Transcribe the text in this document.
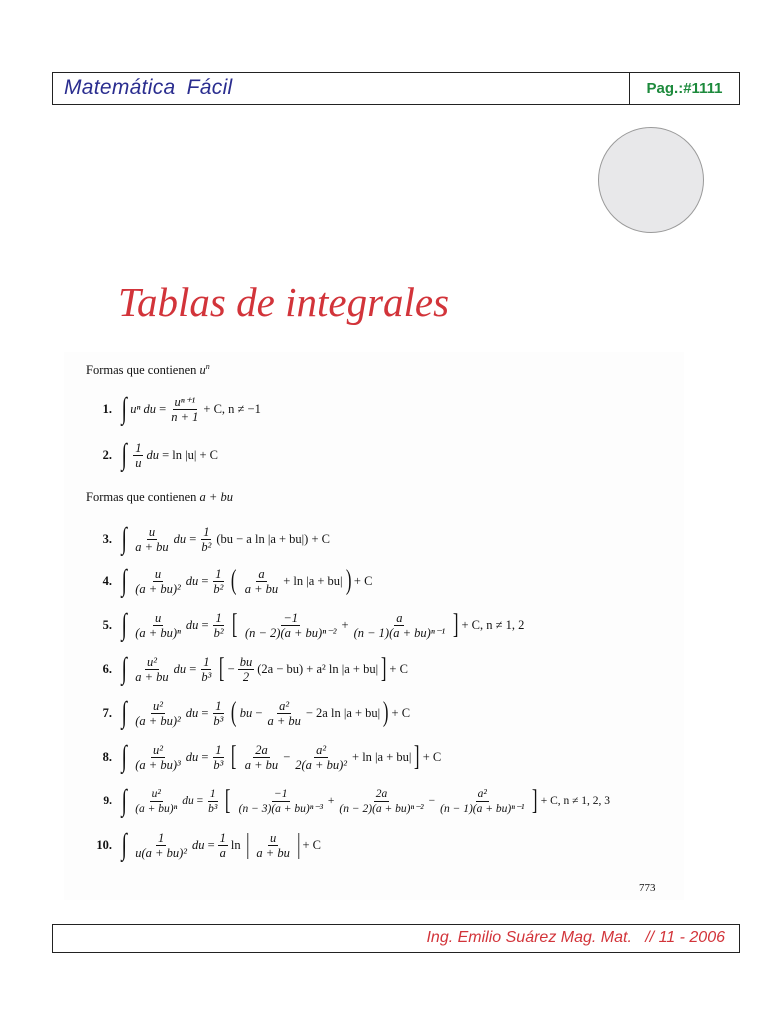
Matemática Fácil	Pag.:#1111
Tablas de integrales
Formas que contienen $u^n$
1. ∫ uⁿ du = $\frac{\text{uⁿ⁺¹}}{n + 1} + C$, n ≠ −1
2. ∫ $\frac{1}{u}$ du
= ln |u| + C
Formas que contienen a + bu
3. ∫ $\frac{u}{a + bu}$ du = $\frac{1}{\text{b²}} (bu - a$ ln |a + bu|) + C
4. ∫ $\frac{u}{\text{(a + bu)²}}$ du = $\frac{1}{\text{b²}}$ ( $\frac{a}{a + bu} + \ln |a + bu|$ ) + C
5. ∫ $\frac{u}{\text{(a + bu)ⁿ}}$ du = $\frac{1}{\text{b²}}$ [ $\frac{-1}{\text{(n − 2)(a + bu)ⁿ⁻²}} + \frac{a}{\text{(n − 1)(a + bu)ⁿ⁻¹}}$ ] + C, n ≠ 1, 2
6. ∫ $\frac{\text{u²}}{a + bu}$ du = $\frac{1}{\text{b³}}$ [ − $\frac{bu}{2} (2a - bu) + a^2$ ln |a + bu| ] + C
7. ∫ $\frac{\text{u²}}{\text{(a + bu)²}}$ du = $\frac{1}{\text{b³}}$ ( bu − $\frac{\text{a²}}{a + bu} - 2a$ ln |a + bu| ) + C
8. ∫ $\frac{\text{u²}}{\text{(a + bu)³}}$ du = $\frac{1}{\text{b³}}$ [ $\frac{2a}{a + bu} - \frac{\text{a²}}{\text{2(a + bu)²}} + \ln |a + bu|$ ] + C
9. ∫ $\frac{\text{u²}}{\text{(a + bu)ⁿ}}$ du = $\frac{1}{\text{b³}}$ [ $\frac{-1}{\text{(n − 3)(a + bu)ⁿ⁻³}} + \frac{2a}{\text{(n − 2)(a + bu)ⁿ⁻²}} - \frac{\text{a²}}{\text{(n − 1)(a + bu)ⁿ⁻¹}}$ ] + C, n ≠ 1, 2, 3
10. ∫ $\frac{1}{\text{u(a + bu)²}}$ du = $\frac{1}{a}$ ln | $\frac{u}{a + bu}$ | + C
773
Ing. Emilio Suárez Mag. Mat.   // 11 - 2006
